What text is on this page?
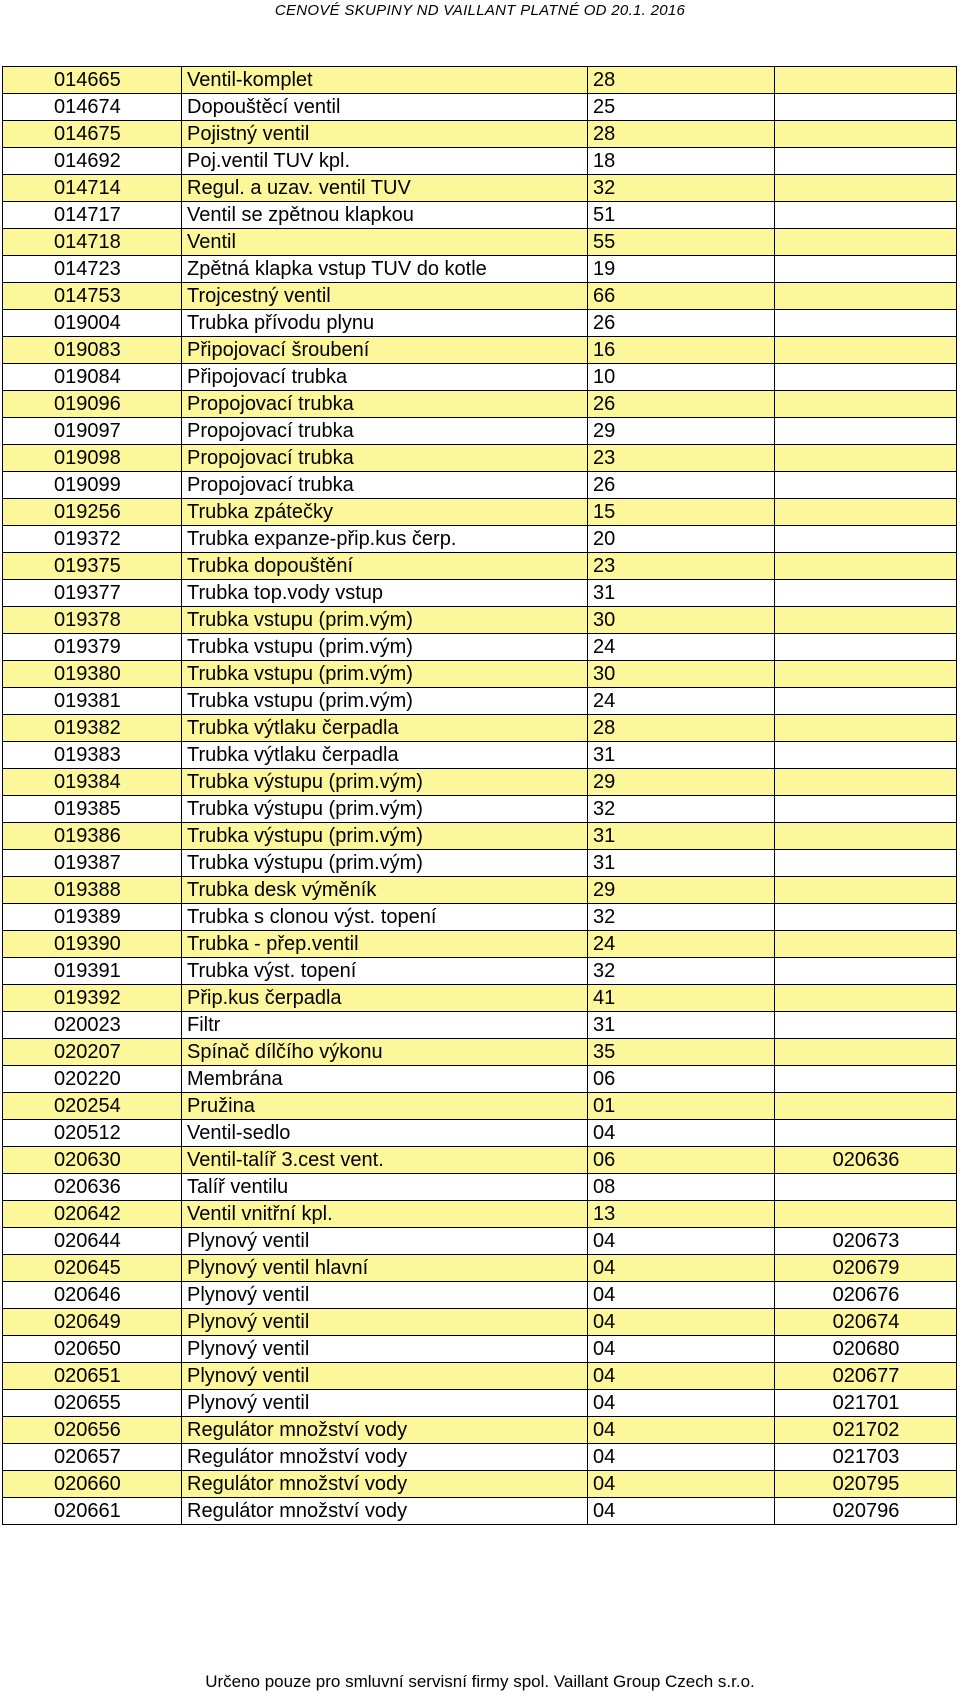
CENOVÉ SKUPINY ND VAILLANT PLATNÉ OD 20.1. 2016
014665	Ventil-komplet	28	
014674	Dopouštěcí ventil	25	
014675	Pojistný ventil	28	
014692	Poj.ventil TUV kpl.	18	
014714	Regul. a uzav. ventil TUV	32	
014717	Ventil se zpětnou klapkou	51	
014718	Ventil	55	
014723	Zpětná klapka vstup TUV do kotle	19	
014753	Trojcestný ventil	66	
019004	Trubka přívodu plynu	26	
019083	Připojovací šroubení	16	
019084	Připojovací trubka	10	
019096	Propojovací trubka	26	
019097	Propojovací trubka	29	
019098	Propojovací trubka	23	
019099	Propojovací trubka	26	
019256	Trubka zpátečky	15	
019372	Trubka expanze-přip.kus čerp.	20	
019375	Trubka dopouštění	23	
019377	Trubka top.vody vstup	31	
019378	Trubka vstupu (prim.vým)	30	
019379	Trubka vstupu (prim.vým)	24	
019380	Trubka vstupu (prim.vým)	30	
019381	Trubka vstupu (prim.vým)	24	
019382	Trubka výtlaku čerpadla	28	
019383	Trubka výtlaku čerpadla	31	
019384	Trubka výstupu (prim.vým)	29	
019385	Trubka výstupu (prim.vým)	32	
019386	Trubka výstupu (prim.vým)	31	
019387	Trubka výstupu (prim.vým)	31	
019388	Trubka desk výměník	29	
019389	Trubka s clonou výst. topení	32	
019390	Trubka - přep.ventil	24	
019391	Trubka výst. topení	32	
019392	Přip.kus čerpadla	41	
020023	Filtr	31	
020207	Spínač dílčího výkonu	35	
020220	Membrána	06	
020254	Pružina	01	
020512	Ventil-sedlo	04	
020630	Ventil-talíř 3.cest vent.	06	020636
020636	Talíř ventilu	08	
020642	Ventil vnitřní kpl.	13	
020644	Plynový ventil	04	020673
020645	Plynový ventil hlavní	04	020679
020646	Plynový ventil	04	020676
020649	Plynový ventil	04	020674
020650	Plynový ventil	04	020680
020651	Plynový ventil	04	020677
020655	Plynový ventil	04	021701
020656	Regulátor množství vody	04	021702
020657	Regulátor množství vody	04	021703
020660	Regulátor množství vody	04	020795
020661	Regulátor množství vody	04	020796
Určeno pouze pro smluvní servisní firmy spol. Vaillant Group Czech s.r.o.
